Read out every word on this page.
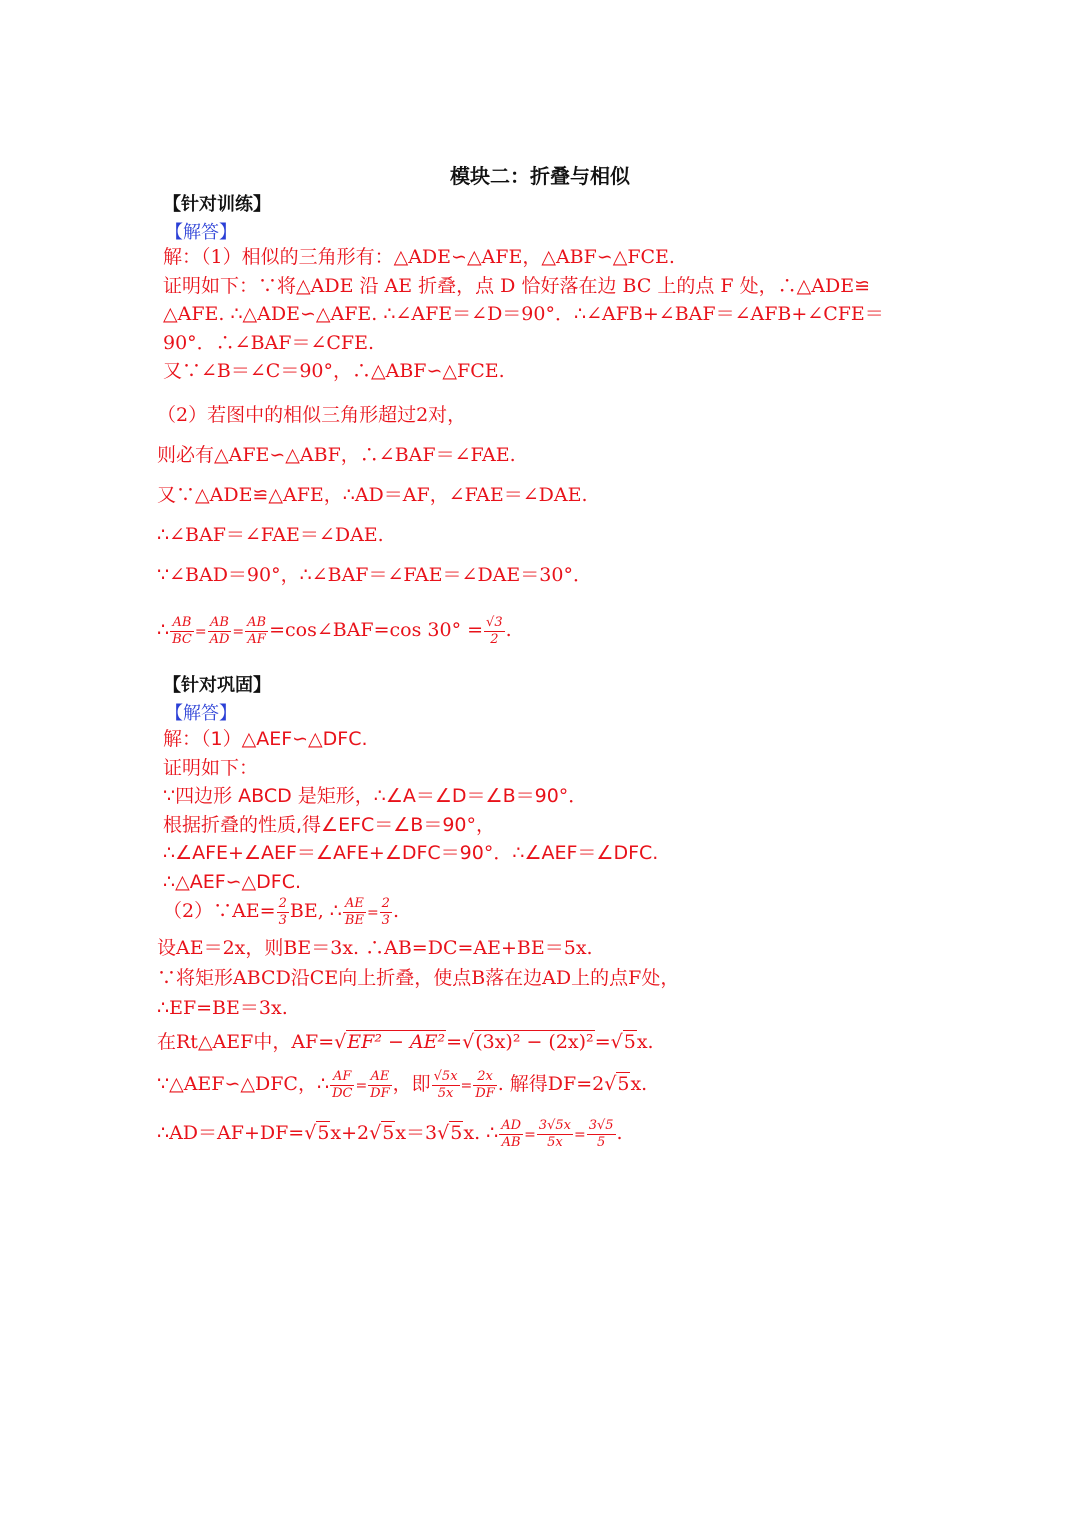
模块二：折叠与相似
【针对训练】
【解答】
解：（1）相似的三角形有：△ADE∽△AFE，△ABF∽△FCE.
证明如下：∵将△ADE 沿 AE 折叠，点 D 恰好落在边 BC 上的点 F 处，∴△ADE≌
△AFE. ∴△ADE∽△AFE. ∴∠AFE＝∠D＝90°．∴∠AFB+∠BAF＝∠AFB+∠CFE＝
90°．∴∠BAF＝∠CFE.
又∵∠B＝∠C＝90°，∴△ABF∽△FCE.
（2）若图中的相似三角形超过2对，
则必有△AFE∽△ABF，∴∠BAF＝∠FAE.
又∵△ADE≌△AFE，∴AD＝AF，∠FAE＝∠DAE.
∴∠BAF＝∠FAE＝∠DAE.
∵∠BAD＝90°，∴∠BAF＝∠FAE＝∠DAE＝30°．
∴ $\frac{AB}{BC} = \frac{AB}{AD} = \frac{AB}{AF}$ =cos∠BAF=cos $30^\circ = \frac{√3}{2}$ .
【针对巩固】
【解答】
解：（1）△AEF∽△DFC.
证明如下：
∵四边形 ABCD 是矩形，∴∠A＝∠D＝∠B＝90°．
根据折叠的性质,得∠EFC＝∠B＝90°，
∴∠AFE+∠AEF＝∠AFE+∠DFC＝90°．∴∠AEF＝∠DFC.
∴△AEF∽△DFC.
（2）∵AE= $\frac{2}{3}$ BE, ∴ $\frac{AE}{BE} = \frac{2}{3}$ .
设AE＝2x，则BE＝3x. ∴AB=DC=AE+BE＝5x.
∵将矩形ABCD沿CE向上折叠，使点B落在边AD上的点F处，
∴EF=BE＝3x.
在Rt△AEF中，AF=√EF² − AE²=√(3x)² − (2x)²=√5x.
∵△AEF∽△DFC，∴ $\frac{AF}{DC} = \frac{AE}{DF}$ ，即 $\frac{√5x}{5x} = \frac{2x}{DF}$ . 解得DF=2√5x.
∴AD＝AF+DF=√5x+2√5x＝3√5x. ∴ $\frac{AD}{AB} = \frac{3√5x}{5x} = \frac{3√5}{5}$ .
